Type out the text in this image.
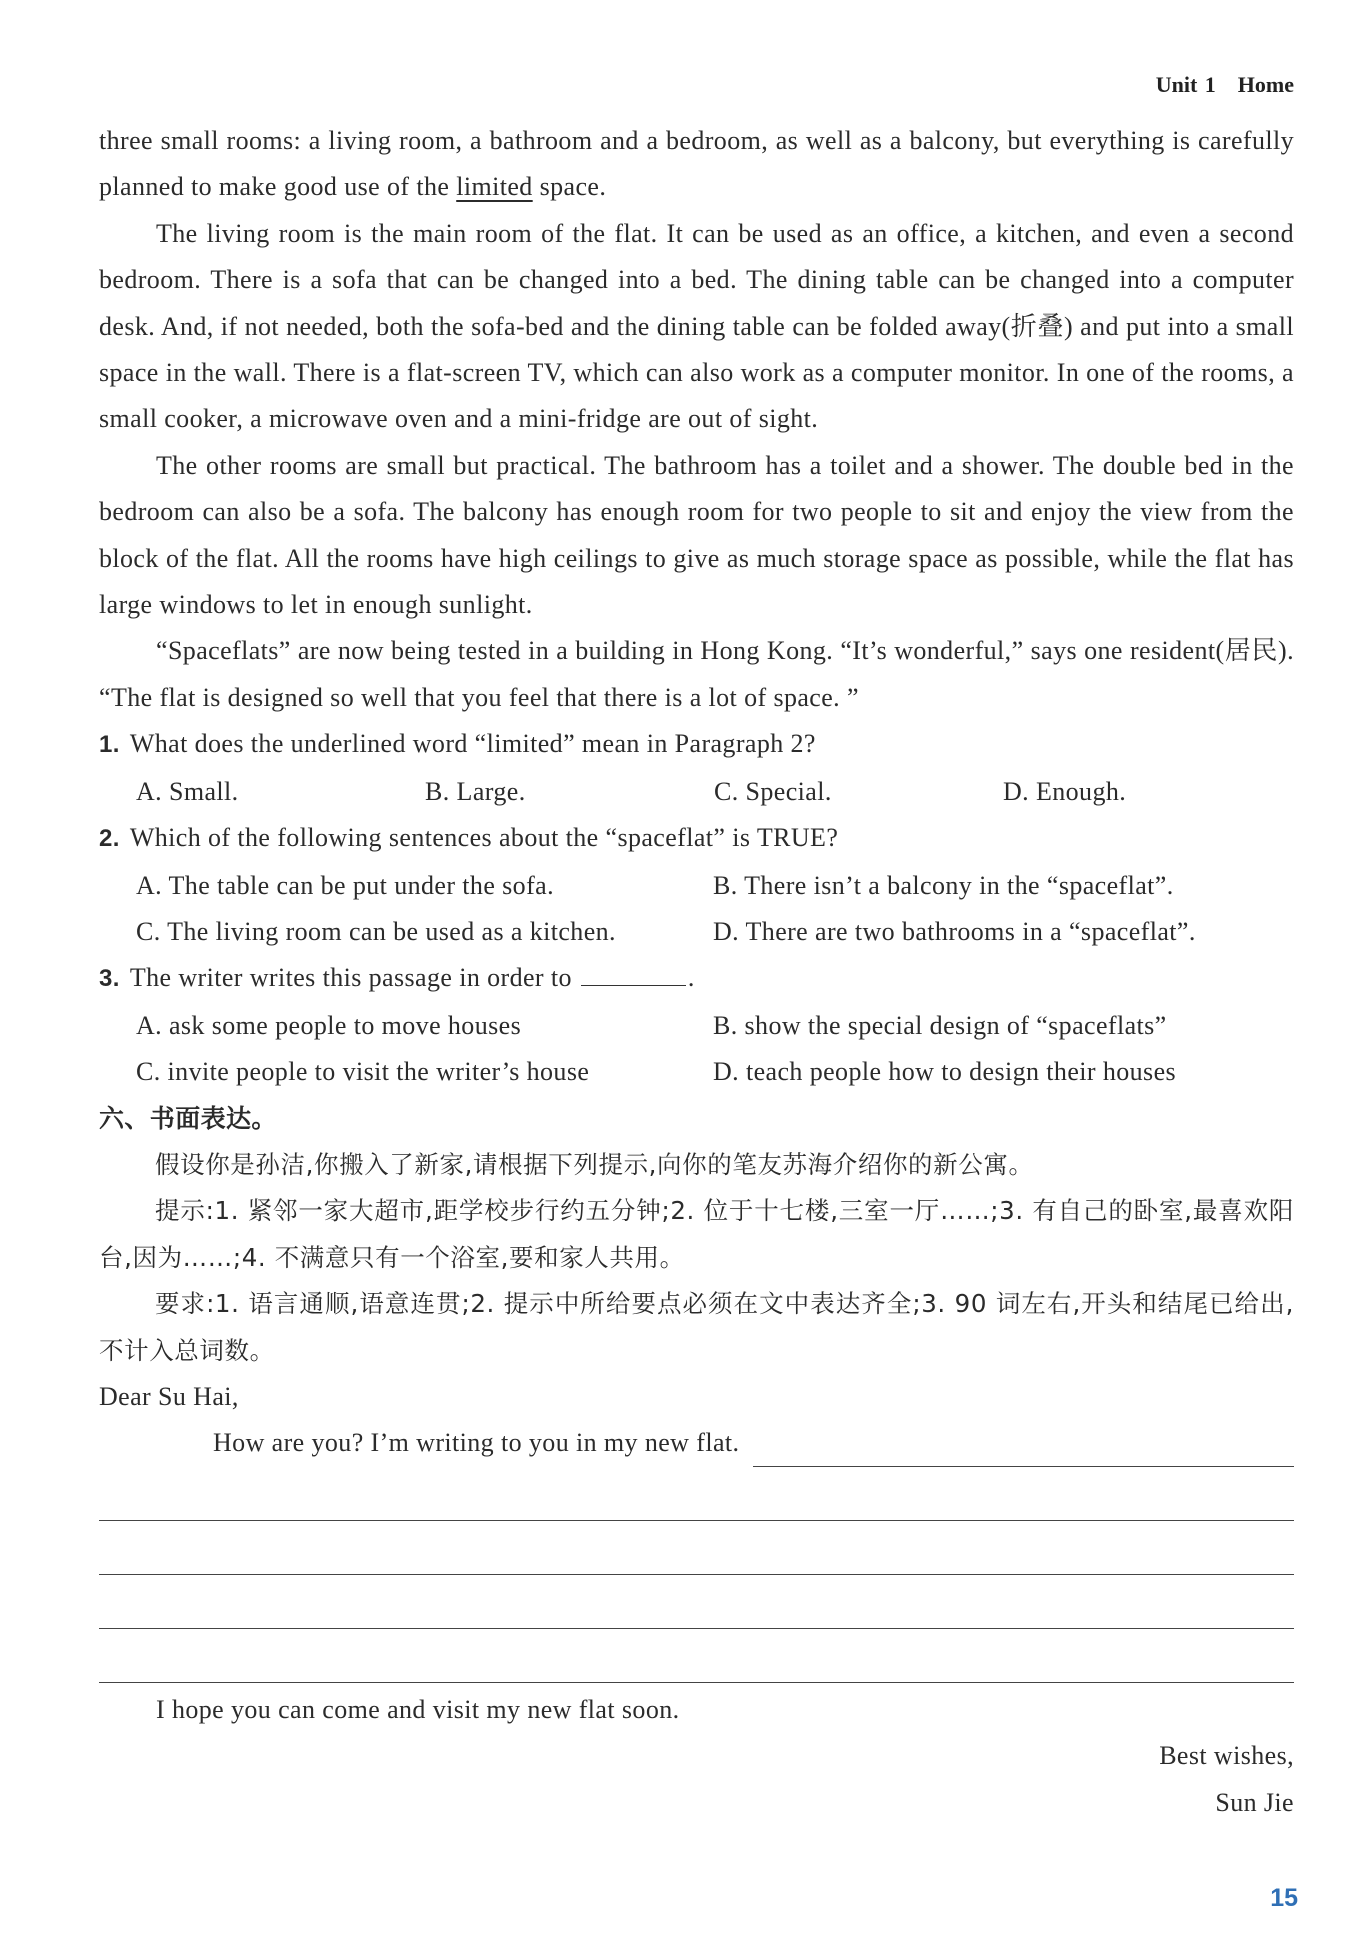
Unit 1 Home

three small rooms: a living room, a bathroom and a bedroom, as well as a balcony, but everything is carefully planned to make good use of the limited space.

The living room is the main room of the flat. It can be used as an office, a kitchen, and even a second bedroom. There is a sofa that can be changed into a bed. The dining table can be changed into a computer desk. And, if not needed, both the sofa-bed and the dining table can be folded away(折叠) and put into a small space in the wall. There is a flat-screen TV, which can also work as a computer monitor. In one of the rooms, a small cooker, a microwave oven and a mini-fridge are out of sight.

The other rooms are small but practical. The bathroom has a toilet and a shower. The double bed in the bedroom can also be a sofa. The balcony has enough room for two people to sit and enjoy the view from the block of the flat. All the rooms have high ceilings to give as much storage space as possible, while the flat has large windows to let in enough sunlight.

“Spaceflats” are now being tested in a building in Hong Kong. “It’s wonderful,” says one resident(居民). “The flat is designed so well that you feel that there is a lot of space. ”

1. What does the underlined word “limited” mean in Paragraph 2?

A. Small.	B. Large.	C. Special.	D. Enough.

2. Which of the following sentences about the “spaceflat” is TRUE?

A. The table can be put under the sofa.	B. There isn’t a balcony in the “spaceflat”.
C. The living room can be used as a kitchen.	D. There are two bathrooms in a “spaceflat”.

3. The writer writes this passage in order to	.

A. ask some people to move houses	B. show the special design of “spaceflats”
C. invite people to visit the writer’s house	D. teach people how to design their houses

六、书面表达。

假设你是孙洁,你搬入了新家,请根据下列提示,向你的笔友苏海介绍你的新公寓。

提示:1. 紧邻一家大超市,距学校步行约五分钟;2. 位于十七楼,三室一厅……;3. 有自己的卧室,最喜欢阳台,因为……;4. 不满意只有一个浴室,要和家人共用。

要求:1. 语言通顺,语意连贯;2. 提示中所给要点必须在文中表达齐全;3. 90 词左右,开头和结尾已给出,不计入总词数。

Dear Su Hai,

How are you? I’m writing to you in my new flat.

I hope you can come and visit my new flat soon.

Best wishes,

Sun Jie

15
